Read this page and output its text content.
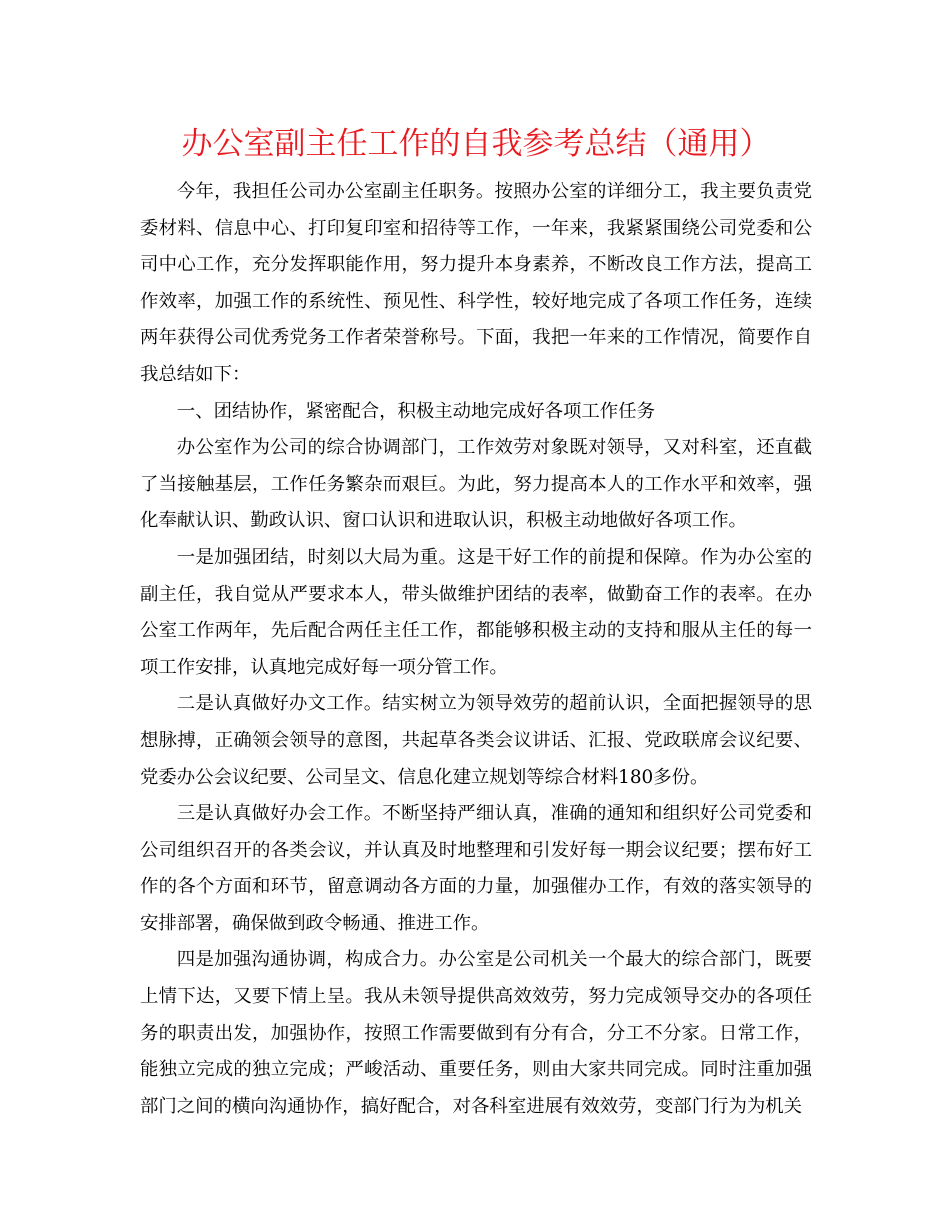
办公室副主任工作的自我参考总结（通用）

今年，我担任公司办公室副主任职务。按照办公室的详细分工，我主要负责党委材料、信息中心、打印复印室和招待等工作，一年来，我紧紧围绕公司党委和公司中心工作，充分发挥职能作用，努力提升本身素养，不断改良工作方法，提高工作效率，加强工作的系统性、预见性、科学性，较好地完成了各项工作任务，连续两年获得公司优秀党务工作者荣誉称号。下面，我把一年来的工作情况，简要作自我总结如下：

一、团结协作，紧密配合，积极主动地完成好各项工作任务

办公室作为公司的综合协调部门，工作效劳对象既对领导，又对科室，还直截了当接触基层，工作任务繁杂而艰巨。为此，努力提高本人的工作水平和效率，强化奉献认识、勤政认识、窗口认识和进取认识，积极主动地做好各项工作。

一是加强团结，时刻以大局为重。这是干好工作的前提和保障。作为办公室的副主任，我自觉从严要求本人，带头做维护团结的表率，做勤奋工作的表率。在办公室工作两年，先后配合两任主任工作，都能够积极主动的支持和服从主任的每一项工作安排，认真地完成好每一项分管工作。

二是认真做好办文工作。结实树立为领导效劳的超前认识，全面把握领导的思想脉搏，正确领会领导的意图，共起草各类会议讲话、汇报、党政联席会议纪要、党委办公会议纪要、公司呈文、信息化建立规划等综合材料180多份。

三是认真做好办会工作。不断坚持严细认真，准确的通知和组织好公司党委和公司组织召开的各类会议，并认真及时地整理和引发好每一期会议纪要；摆布好工作的各个方面和环节，留意调动各方面的力量，加强催办工作，有效的落实领导的安排部署，确保做到政令畅通、推进工作。

四是加强沟通协调，构成合力。办公室是公司机关一个最大的综合部门，既要上情下达，又要下情上呈。我从未领导提供高效效劳，努力完成领导交办的各项任务的职责出发，加强协作，按照工作需要做到有分有合，分工不分家。日常工作，能独立完成的独立完成；严峻活动、重要任务，则由大家共同完成。同时注重加强部门之间的横向沟通协作，搞好配合，对各科室进展有效效劳，变部门行为为机关
